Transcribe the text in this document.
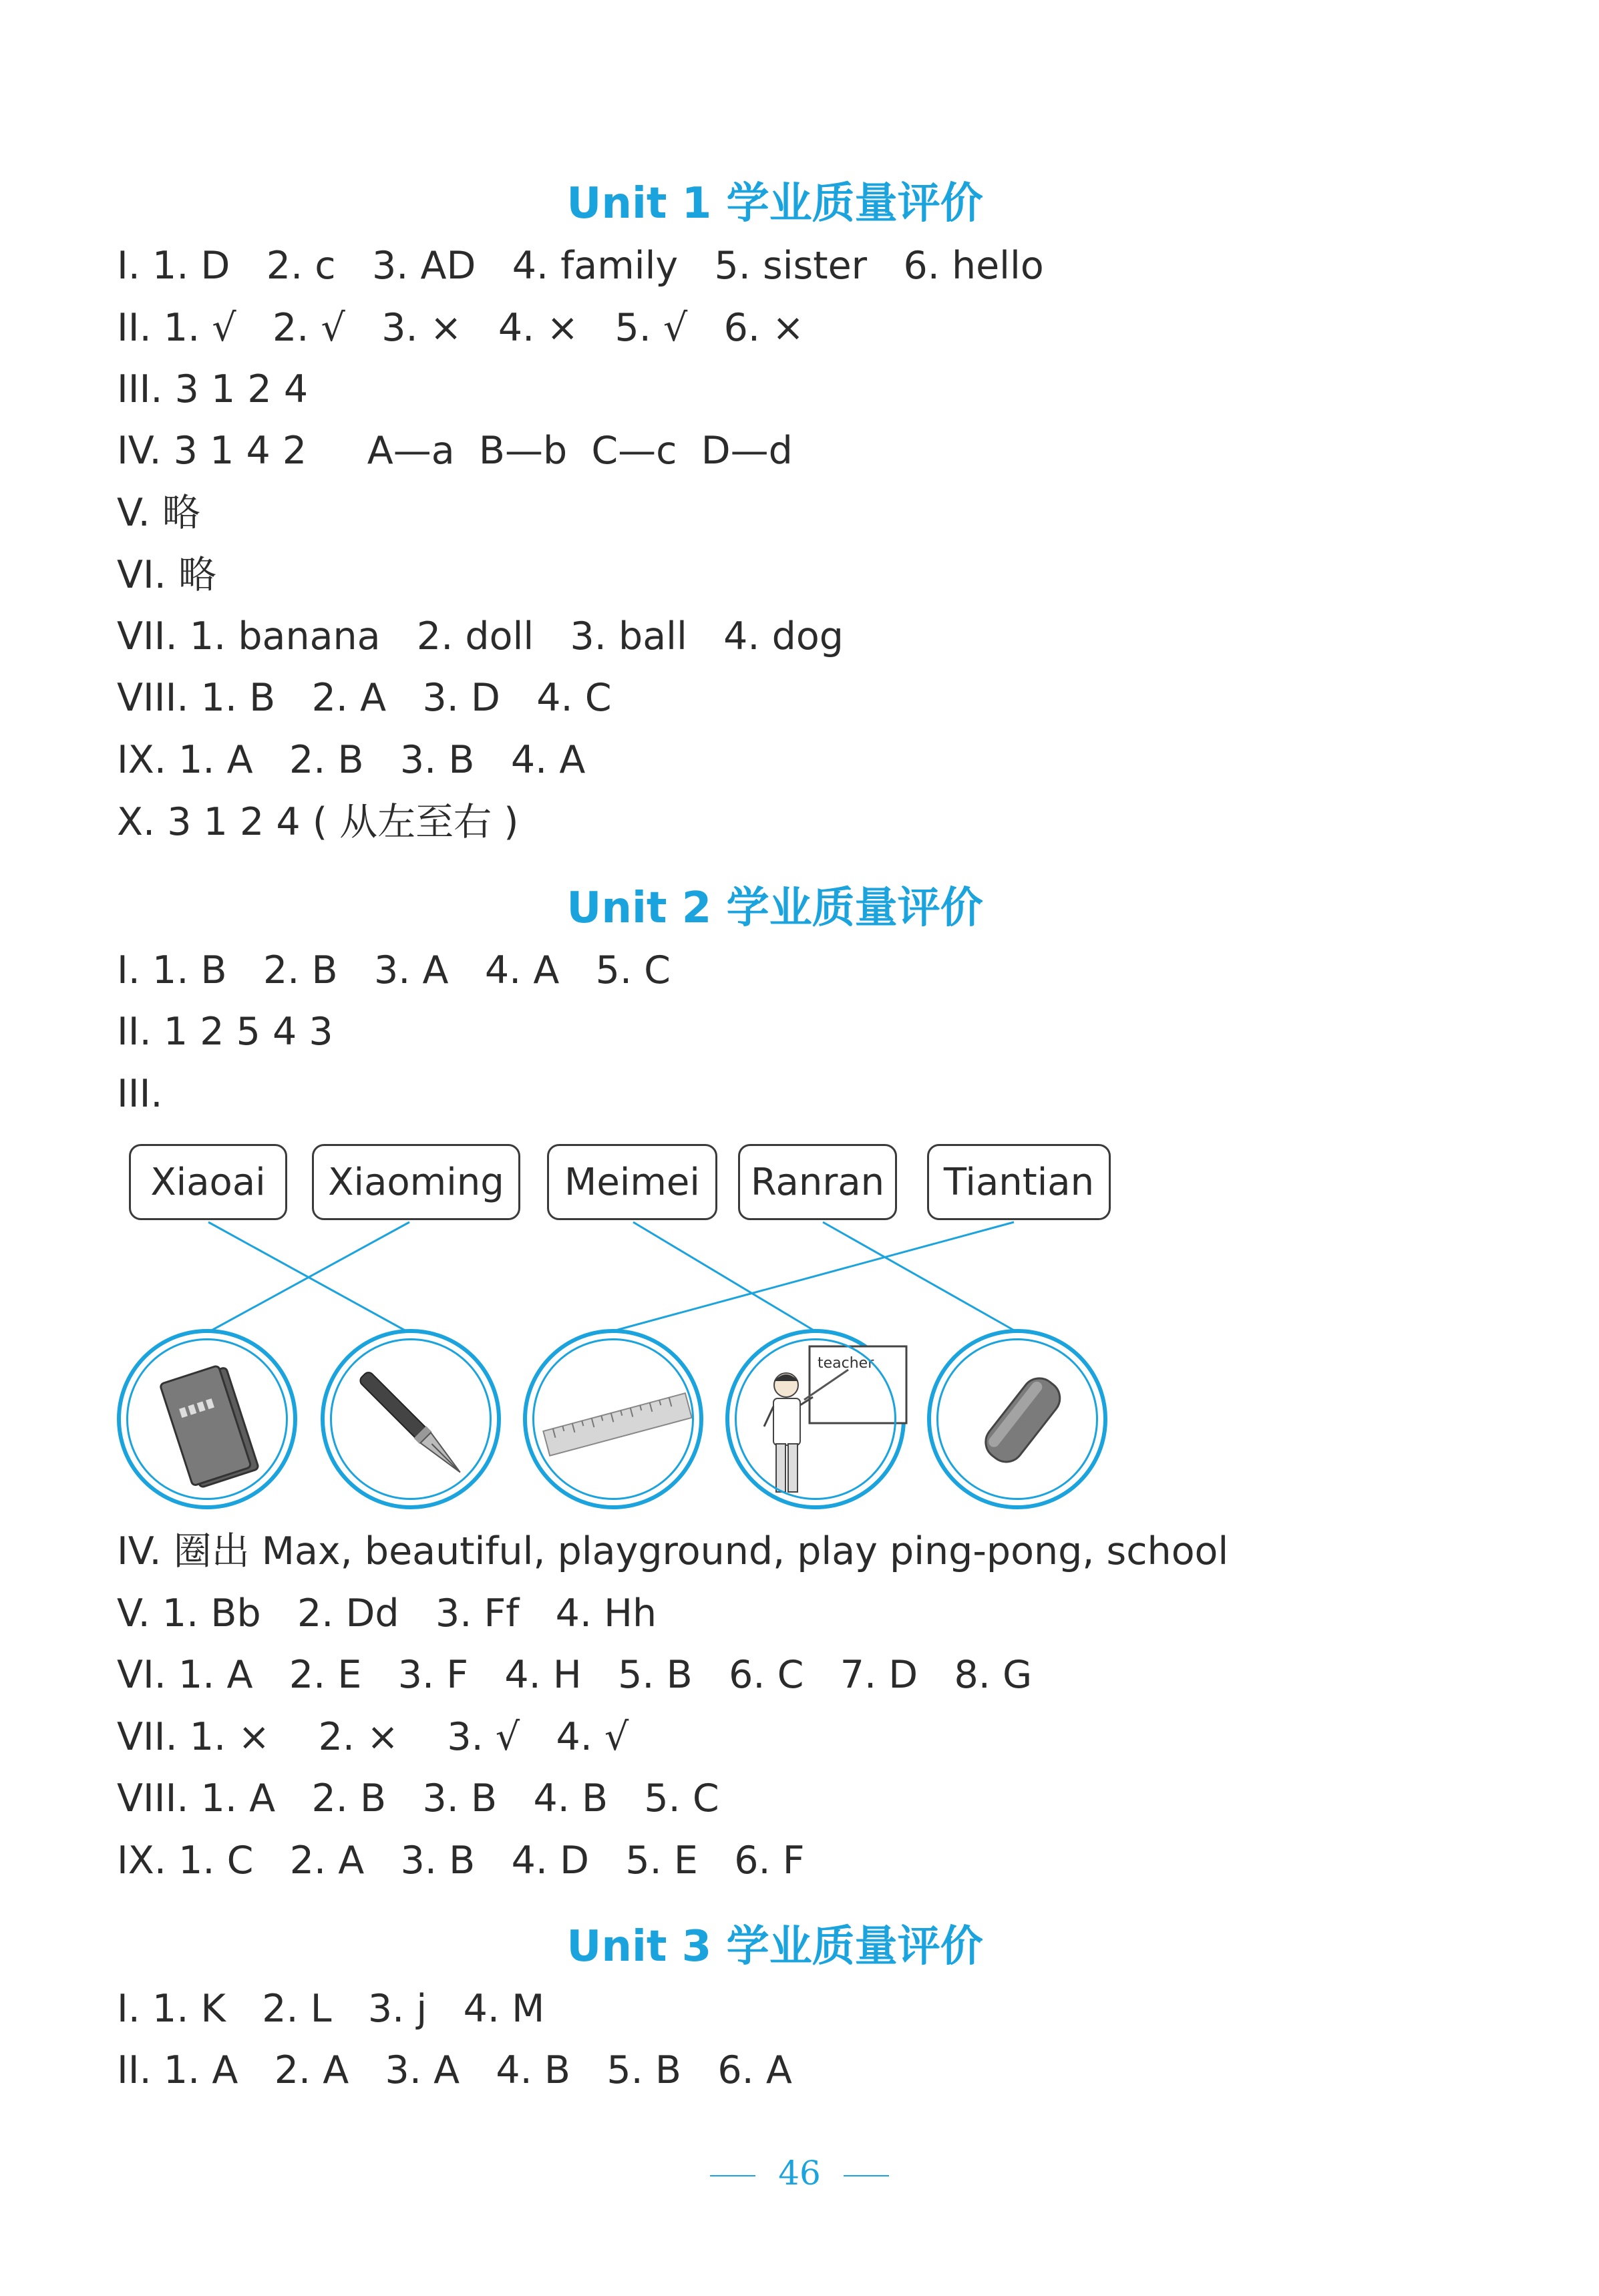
Unit 1 学业质量评价

I. 1. D   2. c   3. AD   4. family   5. sister   6. hello

II. 1. √   2. √   3. ×   4. ×   5. √   6. ×

III. 3 1 2 4

IV. 3 1 4 2     A—a  B—b  C—c  D—d

V. 略

VI. 略

VII. 1. banana   2. doll   3. ball   4. dog

VIII. 1. B   2. A   3. D   4. C

IX. 1. A   2. B   3. B   4. A

X. 3 1 2 4 ( 从左至右 )

Unit 2 学业质量评价

I. 1. B   2. B   3. A   4. A   5. C

II. 1 2 5 4 3

III.

Xiaoai	Xiaoming	Meimei	Ranran	Tiantian
teacher

IV. 圈出 Max, beautiful, playground, play ping-pong, school

V. 1. Bb   2. Dd   3. Ff   4. Hh

VI. 1. A   2. E   3. F   4. H   5. B   6. C   7. D   8. G

VII. 1. ×    2. ×    3. √   4. √

VIII. 1. A   2. B   3. B   4. B   5. C

IX. 1. C   2. A   3. B   4. D   5. E   6. F

Unit 3 学业质量评价

I. 1. K   2. L   3. j   4. M

II. 1. A   2. A   3. A   4. B   5. B   6. A

46
